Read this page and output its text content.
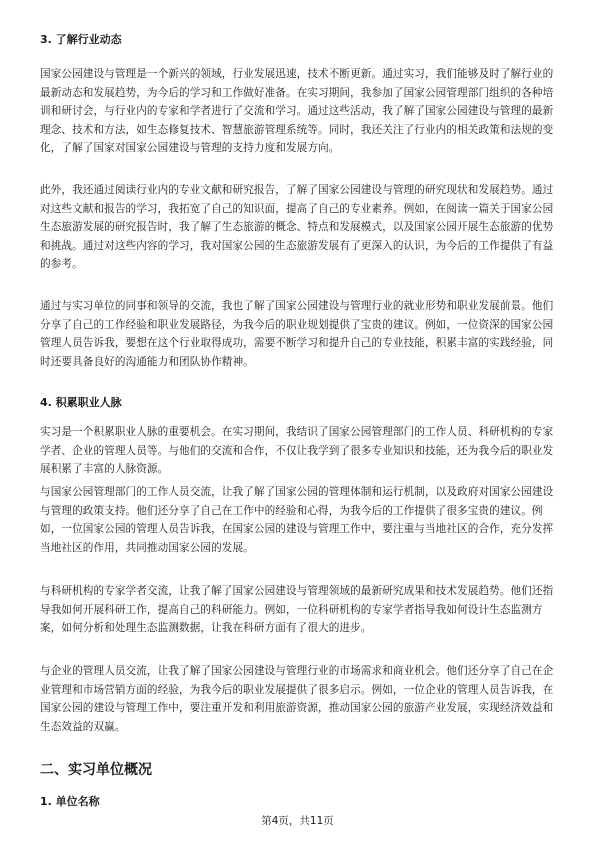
3. 了解行业动态

国家公园建设与管理是一个新兴的领域，行业发展迅速，技术不断更新。通过实习，我们能够及时了解行业的最新动态和发展趋势，为今后的学习和工作做好准备。在实习期间，我参加了国家公园管理部门组织的各种培训和研讨会，与行业内的专家和学者进行了交流和学习。通过这些活动，我了解了国家公园建设与管理的最新理念、技术和方法，如生态修复技术、智慧旅游管理系统等。同时，我还关注了行业内的相关政策和法规的变化，了解了国家对国家公园建设与管理的支持力度和发展方向。

此外，我还通过阅读行业内的专业文献和研究报告，了解了国家公园建设与管理的研究现状和发展趋势。通过对这些文献和报告的学习，我拓宽了自己的知识面，提高了自己的专业素养。例如，在阅读一篇关于国家公园生态旅游发展的研究报告时，我了解了生态旅游的概念、特点和发展模式，以及国家公园开展生态旅游的优势和挑战。通过对这些内容的学习，我对国家公园的生态旅游发展有了更深入的认识，为今后的工作提供了有益的参考。

通过与实习单位的同事和领导的交流，我也了解了国家公园建设与管理行业的就业形势和职业发展前景。他们分享了自己的工作经验和职业发展路径，为我今后的职业规划提供了宝贵的建议。例如，一位资深的国家公园管理人员告诉我，要想在这个行业取得成功，需要不断学习和提升自己的专业技能，积累丰富的实践经验，同时还要具备良好的沟通能力和团队协作精神。

4. 积累职业人脉

实习是一个积累职业人脉的重要机会。在实习期间，我结识了国家公园管理部门的工作人员、科研机构的专家学者、企业的管理人员等。与他们的交流和合作，不仅让我学到了很多专业知识和技能，还为我今后的职业发展积累了丰富的人脉资源。

与国家公园管理部门的工作人员交流，让我了解了国家公园的管理体制和运行机制，以及政府对国家公园建设与管理的政策支持。他们还分享了自己在工作中的经验和心得，为我今后的工作提供了很多宝贵的建议。例如，一位国家公园的管理人员告诉我，在国家公园的建设与管理工作中，要注重与当地社区的合作，充分发挥当地社区的作用，共同推动国家公园的发展。

与科研机构的专家学者交流，让我了解了国家公园建设与管理领域的最新研究成果和技术发展趋势。他们还指导我如何开展科研工作，提高自己的科研能力。例如，一位科研机构的专家学者指导我如何设计生态监测方案，如何分析和处理生态监测数据，让我在科研方面有了很大的进步。

与企业的管理人员交流，让我了解了国家公园建设与管理行业的市场需求和商业机会。他们还分享了自己在企业管理和市场营销方面的经验，为我今后的职业发展提供了很多启示。例如，一位企业的管理人员告诉我，在国家公园的建设与管理工作中，要注重开发和利用旅游资源，推动国家公园的旅游产业发展，实现经济效益和生态效益的双赢。

二、实习单位概况
1. 单位名称
第4页，共11页
